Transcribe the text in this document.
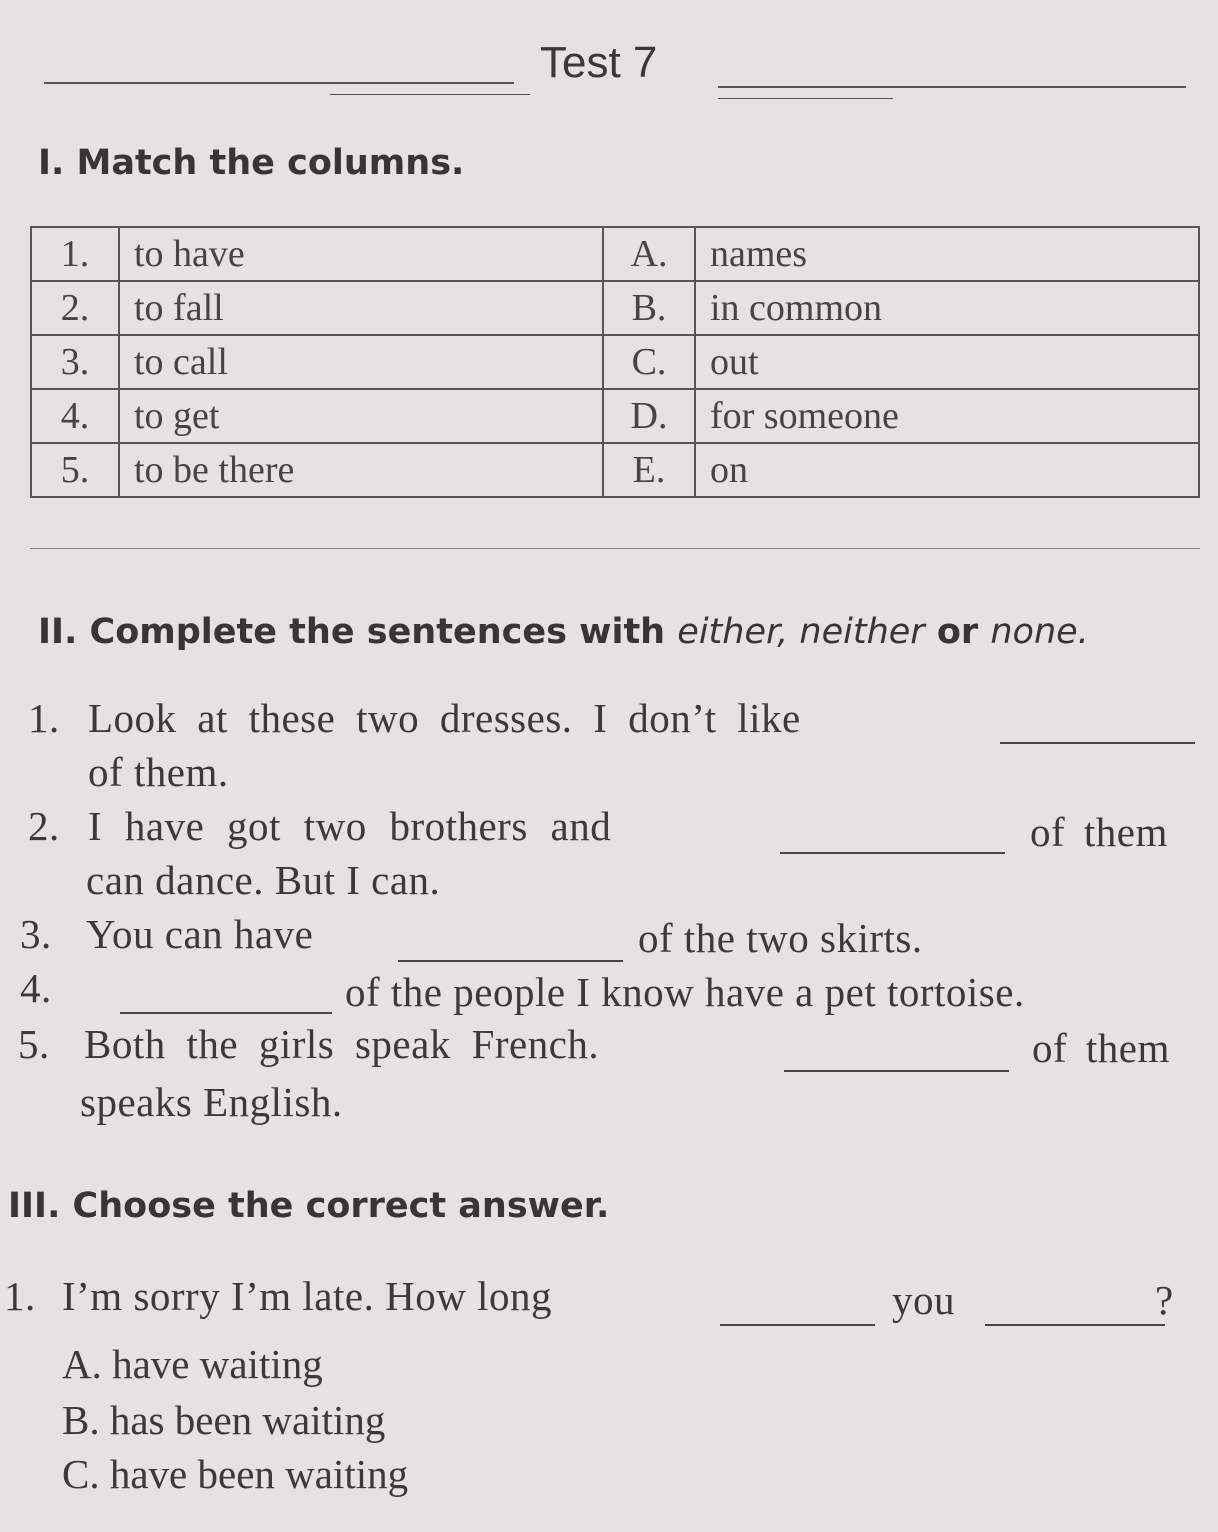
Test 7
I. Match the columns.
1.	to have	A.	names
2.	to fall	B.	in common
3.	to call	C.	out
4.	to get	D.	for someone
5.	to be there	E.	on
II. Complete the sentences with either, neither or none.
1. Look at these two dresses. I don’t like
of them.
2. I have got two brothers and	of them
can dance. But I can.
3. You can have	of the two skirts.
4.	of the people I know have a pet tortoise.
5. Both the girls speak French.	of them
speaks English.
III. Choose the correct answer.
1. I’m sorry I’m late. How long	you	?
A. have waiting
B. has been waiting
C. have been waiting
